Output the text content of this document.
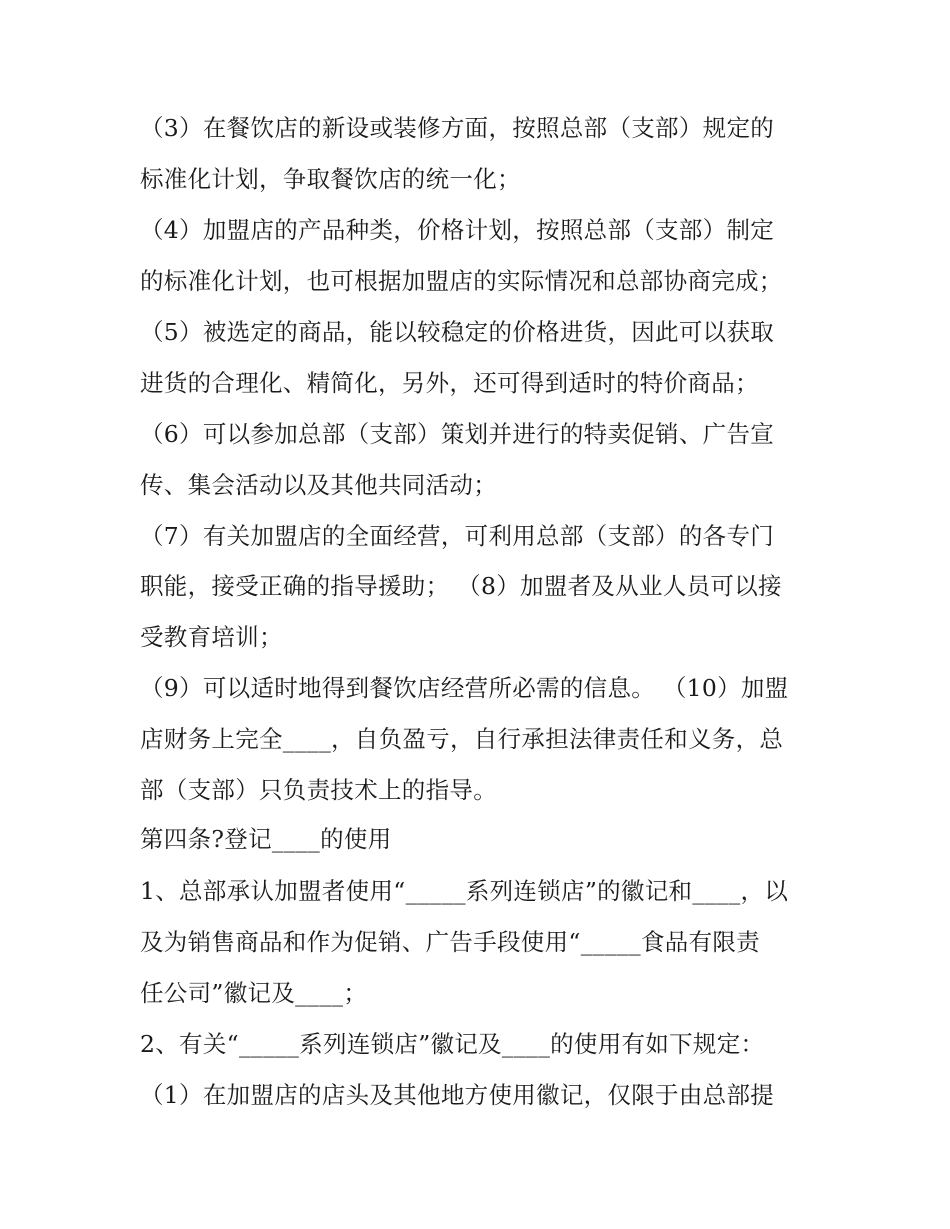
（3）在餐饮店的新设或装修方面，按照总部（支部）规定的
标准化计划，争取餐饮店的统一化；
（4）加盟店的产品种类，价格计划，按照总部（支部）制定
的标准化计划，也可根据加盟店的实际情况和总部协商完成；
（5）被选定的商品，能以较稳定的价格进货，因此可以获取
进货的合理化、精简化，另外，还可得到适时的特价商品；
（6）可以参加总部（支部）策划并进行的特卖促销、广告宣
传、集会活动以及其他共同活动；
（7）有关加盟店的全面经营，可利用总部（支部）的各专门
职能，接受正确的指导援助； （8）加盟者及从业人员可以接
受教育培训；
（9）可以适时地得到餐饮店经营所必需的信息。 （10）加盟
店财务上完全____，自负盈亏，自行承担法律责任和义务，总
部（支部）只负责技术上的指导。
第四条?登记____的使用
1、总部承认加盟者使用“_____系列连锁店”的徽记和____，以
及为销售商品和作为促销、广告手段使用“_____食品有限责
任公司”徽记及____；
2、有关“_____系列连锁店”徽记及____的使用有如下规定：
（1）在加盟店的店头及其他地方使用徽记，仅限于由总部提
